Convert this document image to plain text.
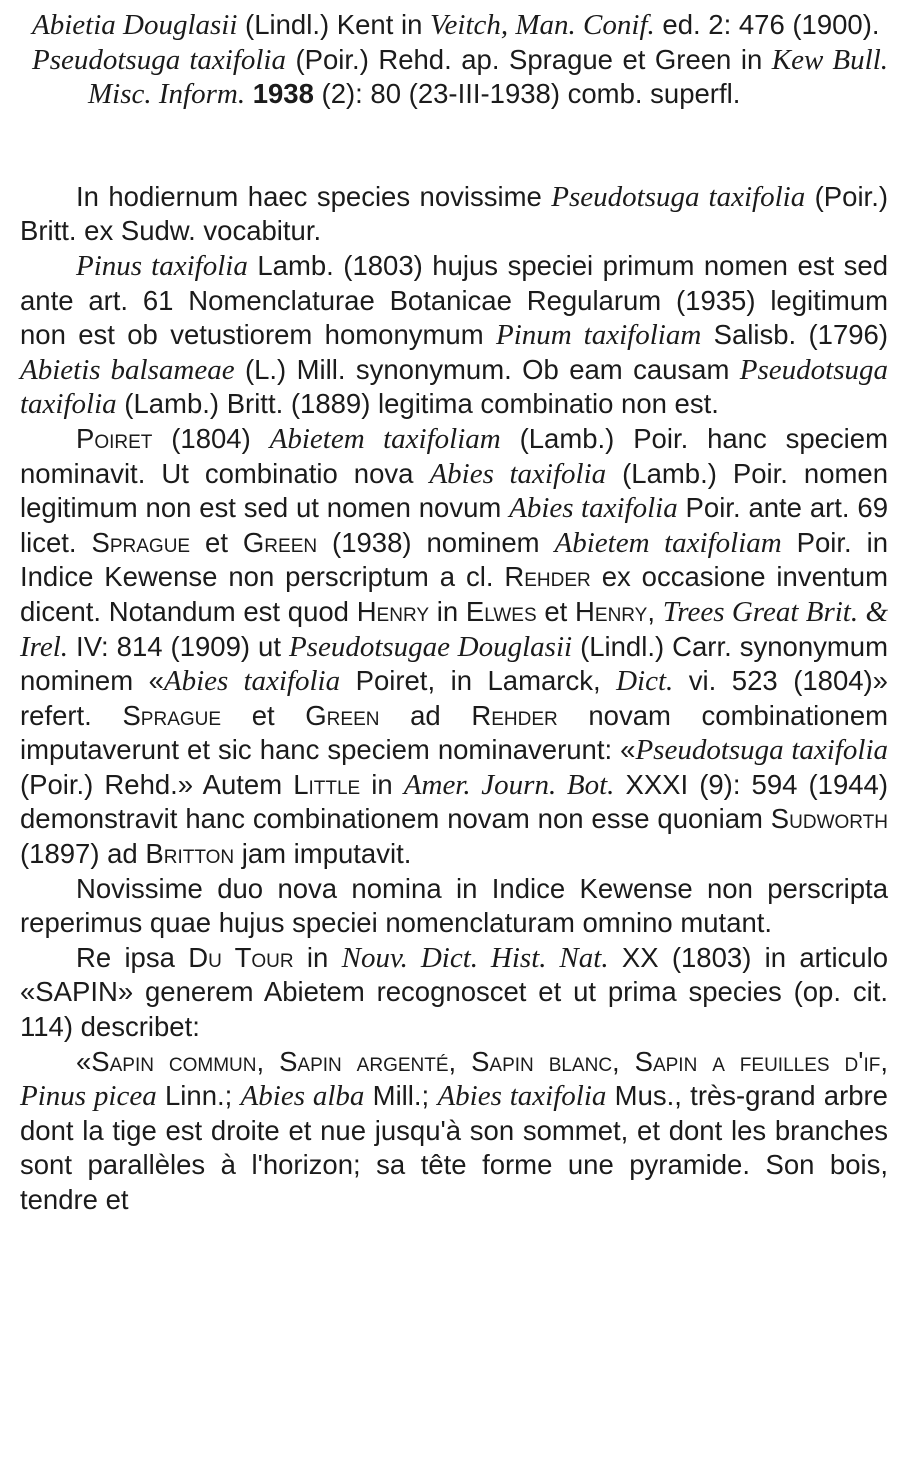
Abietia Douglasii (Lindl.) Kent in Veitch, Man. Conif. ed. 2: 476 (1900).

Pseudotsuga taxifolia (Poir.) Rehd. ap. Sprague et Green in Kew Bull. Misc. Inform. 1938 (2): 80 (23-III-1938) comb. superfl.

In hodiernum haec species novissime Pseudotsuga taxifolia (Poir.) Britt. ex Sudw. vocabitur.

Pinus taxifolia Lamb. (1803) hujus speciei primum nomen est sed ante art. 61 Nomenclaturae Botanicae Regularum (1935) legitimum non est ob vetustiorem homonymum Pinum taxifoliam Salisb. (1796) Abietis balsameae (L.) Mill. synonymum. Ob eam causam Pseudotsuga taxifolia (Lamb.) Britt. (1889) legitima combinatio non est.

Poiret (1804) Abietem taxifoliam (Lamb.) Poir. hanc speciem nominavit. Ut combinatio nova Abies taxifolia (Lamb.) Poir. nomen legitimum non est sed ut nomen novum Abies taxifolia Poir. ante art. 69 licet. Sprague et Green (1938) nominem Abietem taxifoliam Poir. in Indice Kewense non perscriptum a cl. Rehder ex occasione inventum dicent. Notandum est quod Henry in Elwes et Henry, Trees Great Brit. & Irel. IV: 814 (1909) ut Pseudotsugae Douglasii (Lindl.) Carr. synonymum nominem «Abies taxifolia Poiret, in Lamarck, Dict. vi. 523 (1804)» refert. Sprague et Green ad Rehder novam combinationem imputaverunt et sic hanc speciem nominaverunt: «Pseudotsuga taxifolia (Poir.) Rehd.» Autem Little in Amer. Journ. Bot. XXXI (9): 594 (1944) demonstravit hanc combinationem novam non esse quoniam Sudworth (1897) ad Britton jam imputavit.

Novissime duo nova nomina in Indice Kewense non perscripta reperimus quae hujus speciei nomenclaturam omnino mutant.

Re ipsa Du Tour in Nouv. Dict. Hist. Nat. XX (1803) in articulo «SAPIN» generem Abietem recognoscet et ut prima species (op. cit. 114) describet:

«Sapin commun, Sapin argenté, Sapin blanc, Sapin a feuilles d'if, Pinus picea Linn.; Abies alba Mill.; Abies taxifolia Mus., très-grand arbre dont la tige est droite et nue jusqu'à son sommet, et dont les branches sont parallèles à l'horizon; sa tête forme une pyramide. Son bois, tendre et
